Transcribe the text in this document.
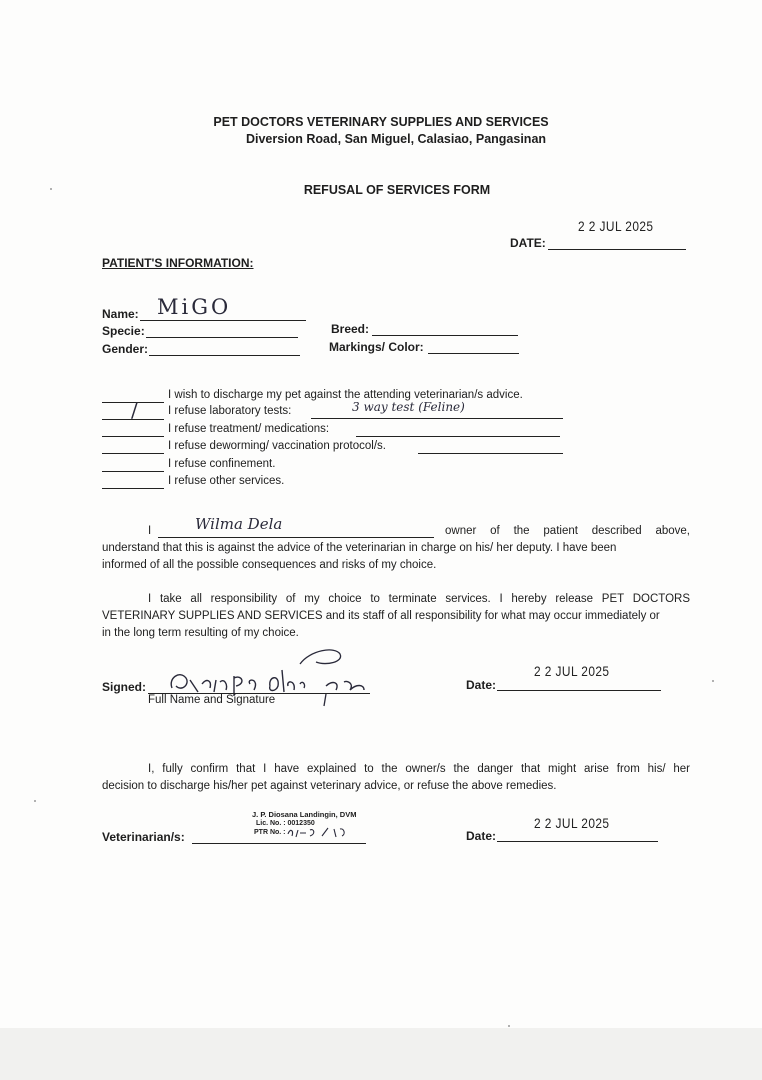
PET DOCTORS VETERINARY SUPPLIES AND SERVICES
Diversion Road, San Miguel, Calasiao, Pangasinan
REFUSAL OF SERVICES FORM
2 2 JUL 2025
DATE:
PATIENT'S INFORMATION:
Name: MiGO
Specie:
Gender:
Breed:
Markings/ Color:
I wish to discharge my pet against the attending veterinarian/s advice.
/	I refuse laboratory tests:	3 way test (Feline)
I refuse treatment/ medications:
I refuse deworming/ vaccination protocol/s.
I refuse confinement.
I refuse other services.
I	Wilma Dela	owner of the patient described above,
understand that this is against the advice of the veterinarian in charge on his/ her deputy. I have been
informed of all the possible consequences and risks of my choice.
I take all responsibility of my choice to terminate services. I hereby release PET DOCTORS
VETERINARY SUPPLIES AND SERVICES and its staff of all responsibility for what may occur immediately or
in the long term resulting of my choice.
Signed:
Full Name and Signature
2 2 JUL 2025
Date:
I, fully confirm that I have explained to the owner/s the danger that might arise from his/ her
decision to discharge his/her pet against veterinary advice, or refuse the above remedies.
J. P. Diosana Landingin, DVM
Lic. No. : 0012350
PTR No. :
Veterinarian/s:
2 2 JUL 2025
Date:
